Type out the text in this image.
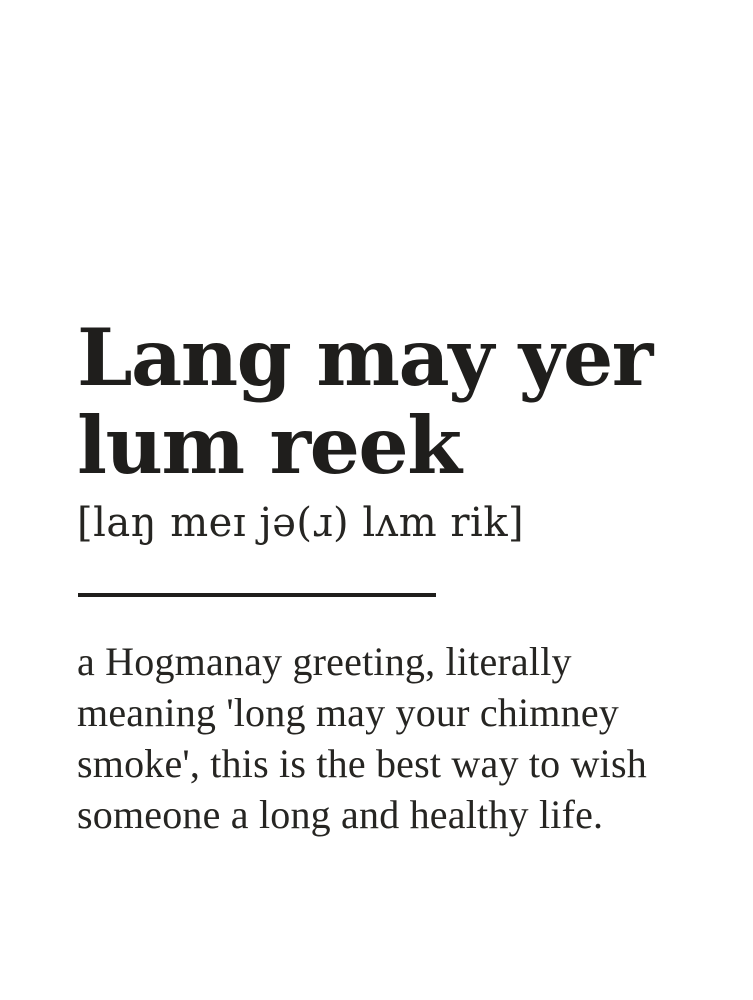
Lang may yer
lum reek
[laŋ meɪ jə(ɹ) lʌm rik]

a Hogmanay greeting, literally
meaning 'long may your chimney
smoke', this is the best way to wish
someone a long and healthy life.
